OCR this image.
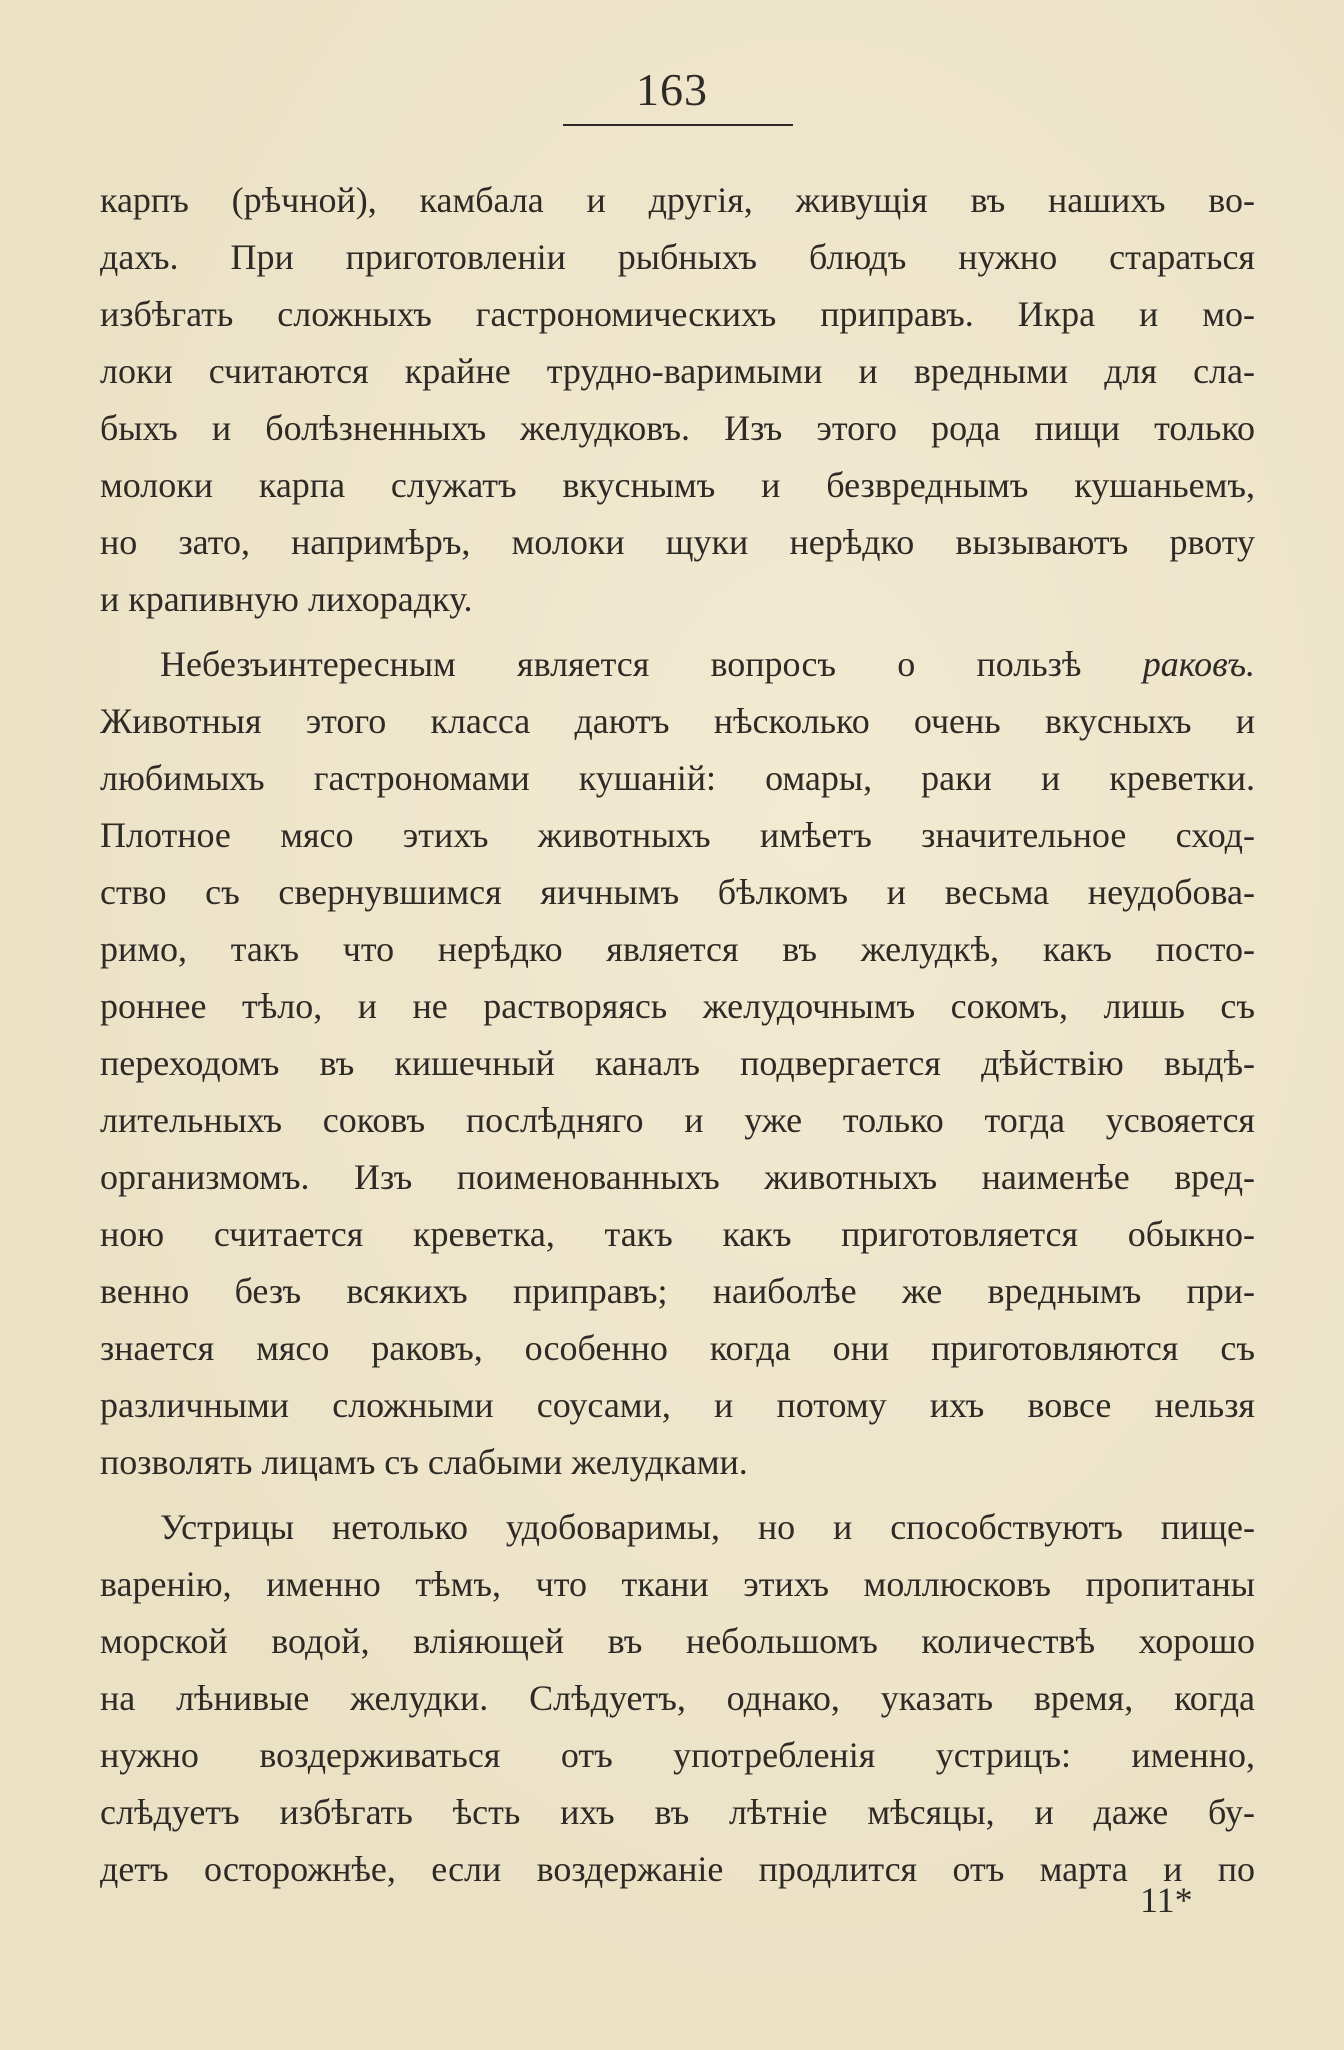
163
карпъ (рѣчной), камбала и другія, живущія въ нашихъ во-
дахъ. При приготовленіи рыбныхъ блюдъ нужно стараться
избѣгать сложныхъ гастрономическихъ приправъ. Икра и мо-
локи считаются крайне трудно-варимыми и вредными для сла-
быхъ и болѣзненныхъ желудковъ. Изъ этого рода пищи только
молоки карпа служатъ вкуснымъ и безвреднымъ кушаньемъ,
но зато, напримѣръ, молоки щуки нерѣдко вызываютъ рвоту
и крапивную лихорадку.
Небезъинтересным является вопросъ о пользѣ раковъ.
Животныя этого класса даютъ нѣсколько очень вкусныхъ и
любимыхъ гастрономами кушаній: омары, раки и креветки.
Плотное мясо этихъ животныхъ имѣетъ значительное сход-
ство съ свернувшимся яичнымъ бѣлкомъ и весьма неудобова-
римо, такъ что нерѣдко является въ желудкѣ, какъ посто-
роннее тѣло, и не растворяясь желудочнымъ сокомъ, лишь съ
переходомъ въ кишечный каналъ подвергается дѣйствію выдѣ-
лительныхъ соковъ послѣдняго и уже только тогда усвояется
организмомъ. Изъ поименованныхъ животныхъ наименѣе вред-
ною считается креветка, такъ какъ приготовляется обыкно-
венно безъ всякихъ приправъ; наиболѣе же вреднымъ при-
знается мясо раковъ, особенно когда они приготовляются съ
различными сложными соусами, и потому ихъ вовсе нельзя
позволять лицамъ съ слабыми желудками.
Устрицы нетолько удобоваримы, но и способствуютъ пище-
варенію, именно тѣмъ, что ткани этихъ моллюсковъ пропитаны
морской водой, вліяющей въ небольшомъ количествѣ хорошо
на лѣнивые желудки. Слѣдуетъ, однако, указать время, когда
нужно воздерживаться отъ употребленія устрицъ: именно,
слѣдуетъ избѣгать ѣсть ихъ въ лѣтніе мѣсяцы, и даже бу-
детъ осторожнѣе, если воздержаніе продлится отъ марта и по
11*
